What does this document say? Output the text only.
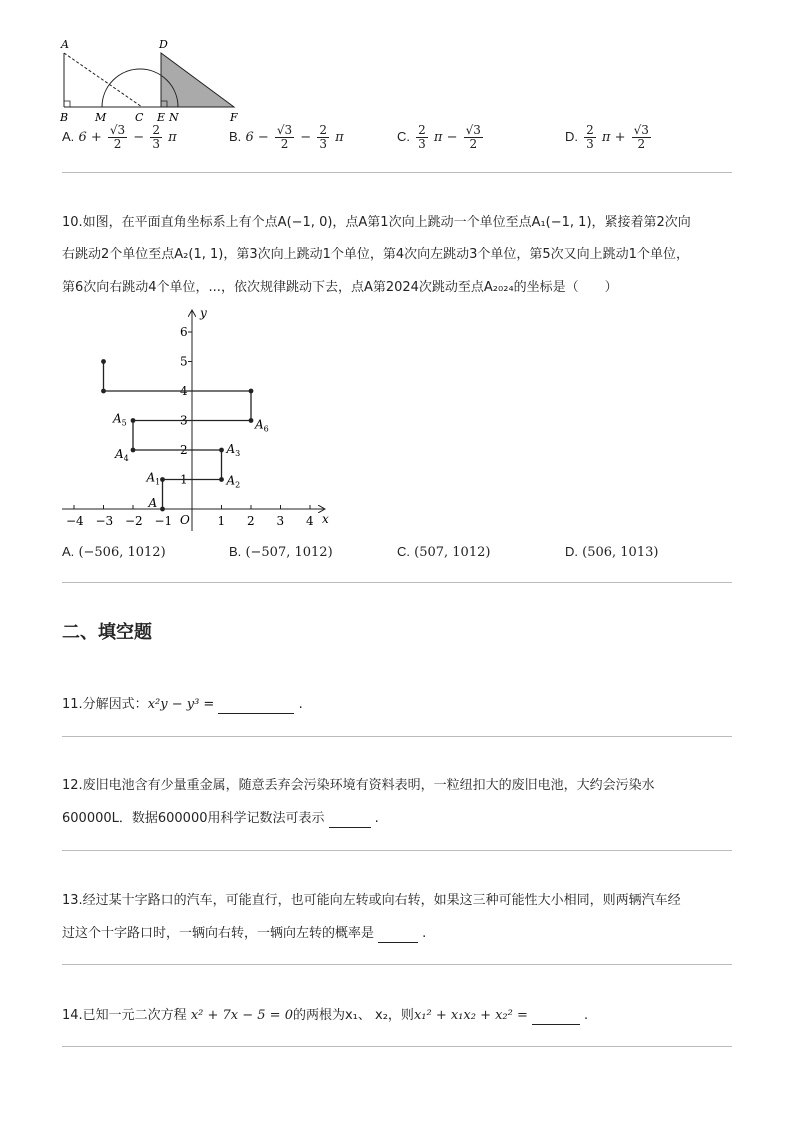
A	D
B M	C E N	F
A. $6 + \frac{√3}{2} - \frac{2}{3}$ π	B. $6 - \frac{√3}{2} - \frac{2}{3}$ π	C. $\frac{2}{3}$ $\pi - \frac{√3}{2}$	D. $\frac{2}{3}$ $\pi + \frac{√3}{2}$
10.如图，在平面直角坐标系上有个点A(−1, 0)，点A第1次向上跳动一个单位至点A₁(−1, 1)，紧接着第2次向
右跳动2个单位至点A₂(1, 1)，第3次向上跳动1个单位，第4次向左跳动3个单位，第5次又向上跳动1个单位，
第6次向右跳动4个单位，...，依次规律跳动下去，点A第2024次跳动至点A₂₀₂₄的坐标是（　　）
−4 −3 −2 −1	1 2 3 4
1
2
3
4
5
6
x
y
O
A
$A_1$	$A_2$
$A_3$
$A_4$
$A_5$	$A_6$
A. (−506, 1012)	B. (−507, 1012)	C. (507, 1012)	D. (506, 1013)
二、填空题
11.分解因式：x²y − y³ =	.
12.废旧电池含有少量重金属，随意丢弃会污染环境有资料表明，一粒纽扣大的废旧电池，大约会污染水
600000L．数据600000用科学记数法可表示	.
13.经过某十字路口的汽车，可能直行，也可能向左转或向右转，如果这三种可能性大小相同，则两辆汽车经
过这个十字路口时，一辆向右转，一辆向左转的概率是	.
14.已知一元二次方程 x² + 7x − 5 = 0的两根为x₁、 x₂，则x₁² + x₁x₂ + x₂² =	.
